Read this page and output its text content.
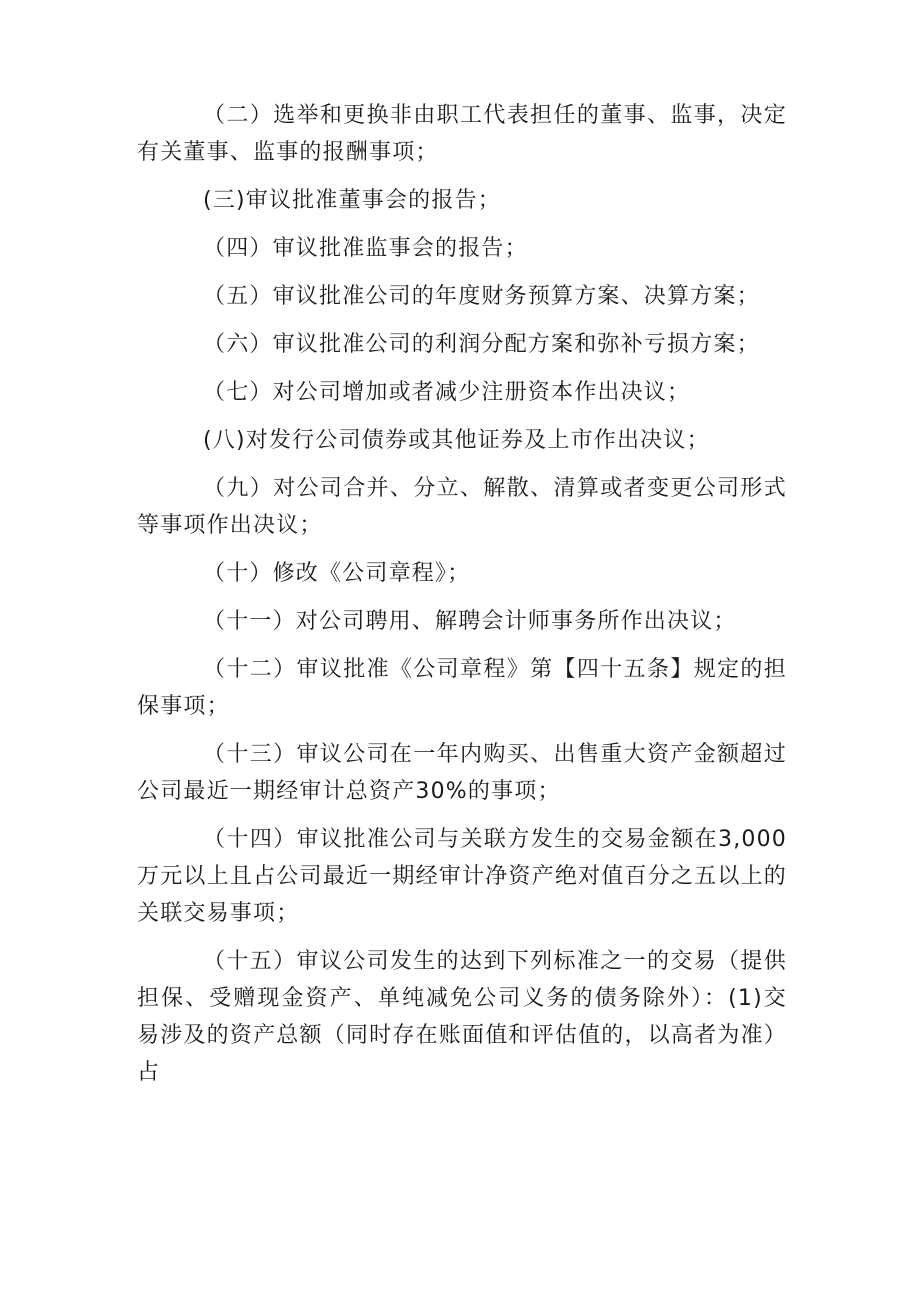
（二）选举和更换非由职工代表担任的董事、监事，决定有关董事、监事的报酬事项；

(三)审议批准董事会的报告；

（四）审议批准监事会的报告；

（五）审议批准公司的年度财务预算方案、决算方案；

（六）审议批准公司的利润分配方案和弥补亏损方案；

（七）对公司增加或者减少注册资本作出决议；

(八)对发行公司债券或其他证券及上市作出决议；

（九）对公司合并、分立、解散、清算或者变更公司形式等事项作出决议；

（十）修改《公司章程》；

（十一）对公司聘用、解聘会计师事务所作出决议；

（十二）审议批准《公司章程》第【四十五条】规定的担保事项；

（十三）审议公司在一年内购买、出售重大资产金额超过公司最近一期经审计总资产30%的事项；

（十四）审议批准公司与关联方发生的交易金额在3,000万元以上且占公司最近一期经审计净资产绝对值百分之五以上的关联交易事项；

（十五）审议公司发生的达到下列标准之一的交易（提供担保、受赠现金资产、单纯减免公司义务的债务除外）：(1)交易涉及的资产总额（同时存在账面值和评估值的，以高者为准）占
